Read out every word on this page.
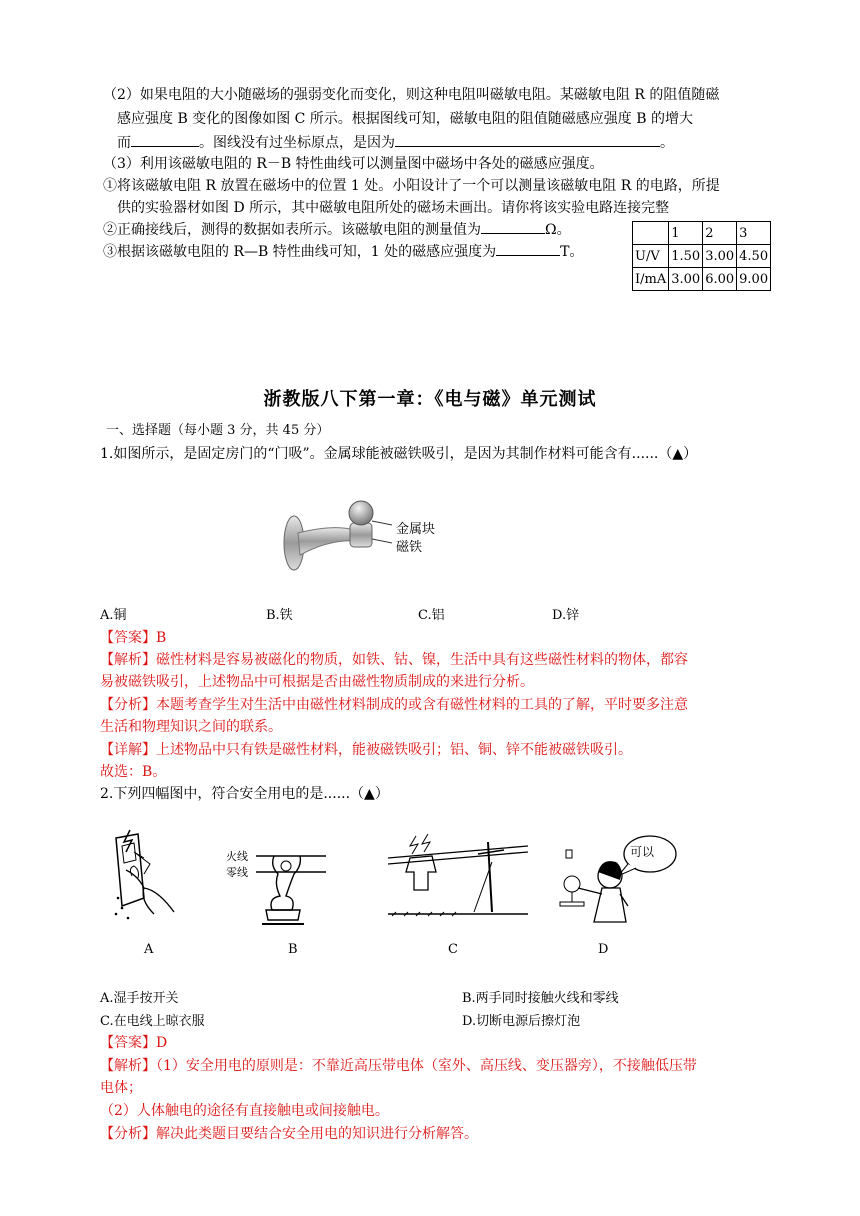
（2）如果电阻的大小随磁场的强弱变化而变化，则这种电阻叫磁敏电阻。某磁敏电阻 R 的阻值随磁
感应强度 B 变化的图像如图 C 所示。根据图线可知，磁敏电阻的阻值随磁感应强度 B 的增大
而	。图线没有过坐标原点，是因为	。
（3）利用该磁敏电阻的 R－B 特性曲线可以测量图中磁场中各处的磁感应强度。
①将该磁敏电阻 R 放置在磁场中的位置 1 处。小阳设计了一个可以测量该磁敏电阻 R 的电路，所提
供的实验器材如图 D 所示，其中磁敏电阻所处的磁场未画出。请你将该实验电路连接完整
②正确接线后，测得的数据如表所示。该磁敏电阻的测量值为	Ω。
③根据该磁敏电阻的 R—B 特性曲线可知，1 处的磁感应强度为	T。
	1	2	3
U/V	1.50	3.00	4.50
I/mA	3.00	6.00	9.00
浙教版八下第一章：《电与磁》单元测试
一、选择题（每小题 3 分，共 45 分）
1.如图所示，是固定房门的“门吸”。金属球能被磁铁吸引，是因为其制作材料可能含有......（▲）
金属块
磁铁
A.铜	B.铁	C.铝	D.锌
【答案】B
【解析】磁性材料是容易被磁化的物质，如铁、钴、镍，生活中具有这些磁性材料的物体，都容
易被磁铁吸引，上述物品中可根据是否由磁性物质制成的来进行分析。
【分析】本题考查学生对生活中由磁性材料制成的或含有磁性材料的工具的了解，平时要多注意
生活和物理知识之间的联系。
【详解】上述物品中只有铁是磁性材料，能被磁铁吸引；铝、铜、锌不能被磁铁吸引。
故选：B。
2.下列四幅图中，符合安全用电的是......（▲）
火线
零线
可以
A	B	C	D
A.湿手按开关	B.两手同时接触火线和零线
C.在电线上晾衣服	D.切断电源后擦灯泡
【答案】D
【解析】（1）安全用电的原则是：不靠近高压带电体（室外、高压线、变压器旁），不接触低压带
电体；
（2）人体触电的途径有直接触电或间接触电。
【分析】解决此类题目要结合安全用电的知识进行分析解答。
